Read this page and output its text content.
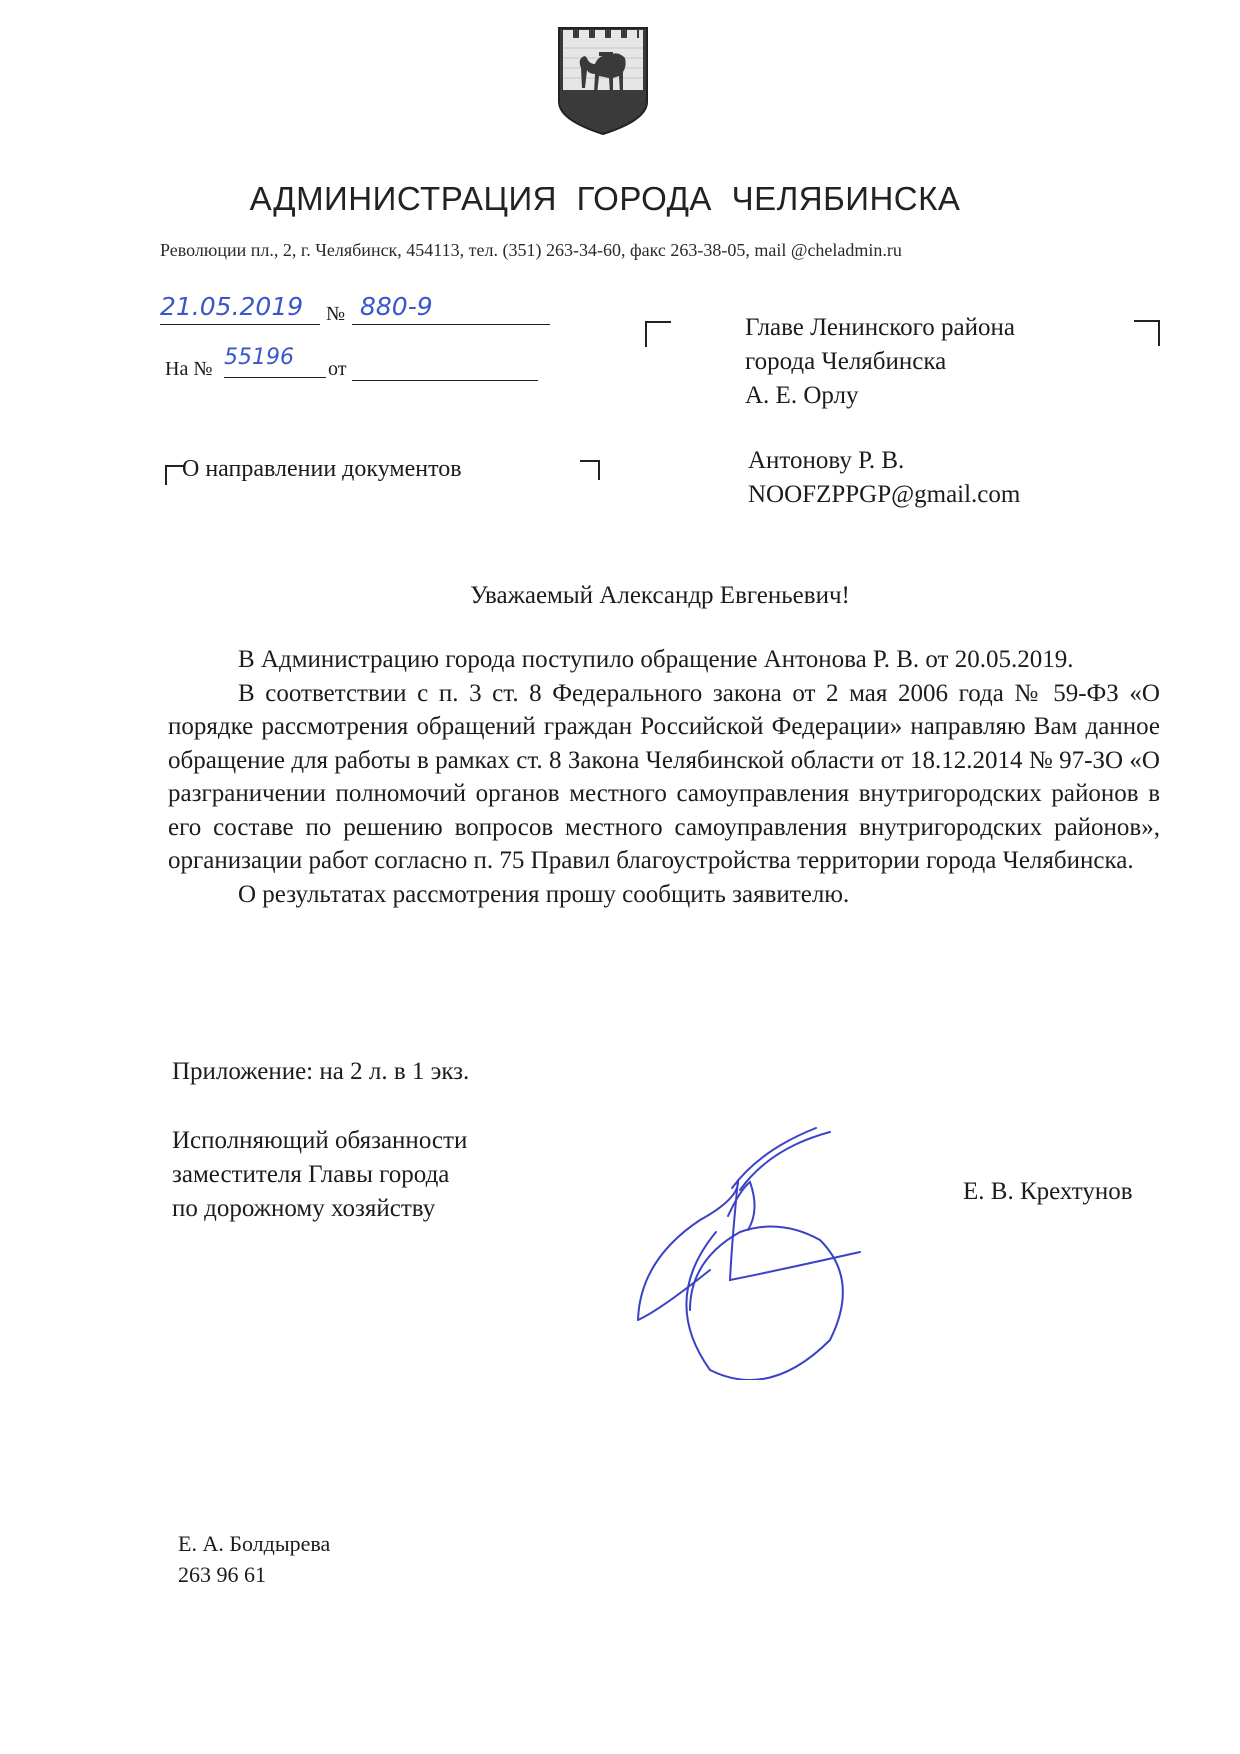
АДМИНИСТРАЦИЯ ГОРОДА ЧЕЛЯБИНСКА
Революции пл., 2, г. Челябинск, 454113, тел. (351) 263-34-60, факс 263-38-05, mail @cheladmin.ru
21.05.2019	№ 880-9
На № 55196	от
О направлении документов
Главе Ленинского района
города Челябинска
А. Е. Орлу
Антонову Р. В.
NOOFZPPGP@gmail.com
Уважаемый Александр Евгеньевич!

В Администрацию города поступило обращение Антонова Р. В. от 20.05.2019.

В соответствии с п. 3 ст. 8 Федерального закона от 2 мая 2006 года № 59-ФЗ «О порядке рассмотрения обращений граждан Российской Федерации» направляю Вам данное обращение для работы в рамках ст. 8 Закона Челябинской области от 18.12.2014 № 97-ЗО «О разграничении полномочий органов местного самоуправления внутригородских районов в его составе по решению вопросов местного самоуправления внутригородских районов», организации работ согласно п. 75 Правил благоустройства территории города Челябинска.

О результатах рассмотрения прошу сообщить заявителю.

Приложение: на 2 л. в 1 экз.
Исполняющий обязанности
заместителя Главы города
по дорожному хозяйству
Е. В. Крехтунов
Е. А. Болдырева
263 96 61
